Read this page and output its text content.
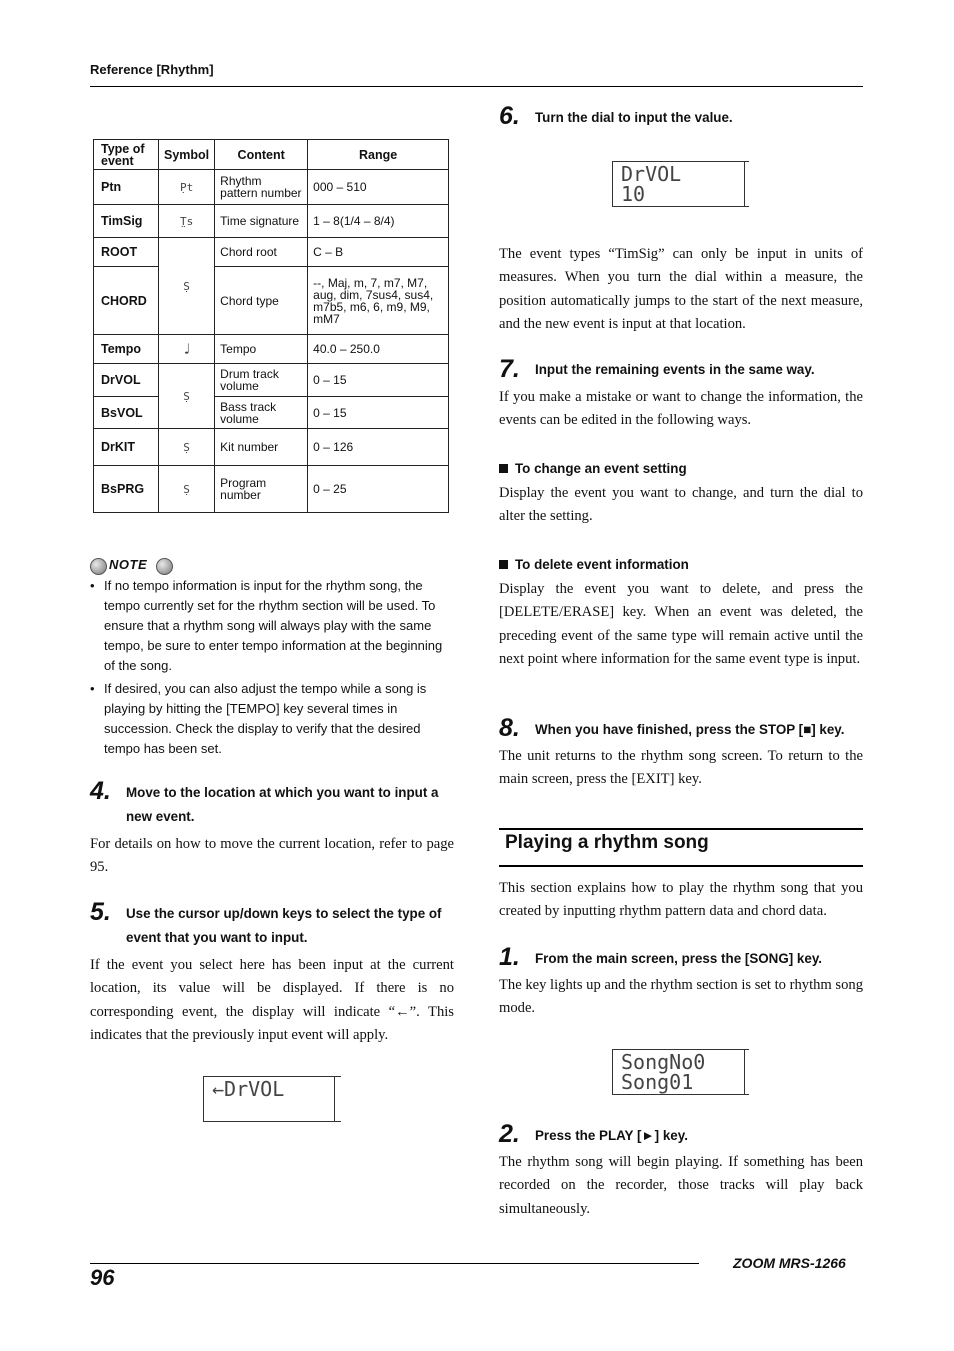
Reference [Rhythm]
Type of event	Symbol	Content	Range
Ptn	P̣t	Rhythm pattern number	000 – 510
TimSig	T̤s	Time signature	1 – 8(1/4 – 8/4)
ROOT	Ṣ	Chord root	C – B
CHORD		Chord type	--, Maj, m, 7, m7, M7, aug, dim, 7sus4, sus4, m7b5, m6, 6, m9, M9, mM7
Tempo	♩	Tempo	40.0 – 250.0
DrVOL	Ṣ	Drum track volume	0 – 15
BsVOL		Bass track volume	0 – 15
DrKIT	Ṣ	Kit number	0 – 126
BsPRG	Ṣ	Program number	0 – 25
NOTE
• If no tempo information is input for the rhythm song, the tempo currently set for the rhythm section will be used. To ensure that a rhythm song will always play with the same tempo, be sure to enter tempo information at the beginning of the song.
• If desired, you can also adjust the tempo while a song is playing by hitting the [TEMPO] key several times in succession. Check the display to verify that the desired tempo has been set.
4. Move to the location at which you want to input a new event.
For details on how to move the current location, refer to page 95.
5. Use the cursor up/down keys to select the type of event that you want to input.
If the event you select here has been input at the current location, its value will be displayed. If there is no corresponding event, the display will indicate “←”. This indicates that the previously input event will apply.
←DrVOL
6. Turn the dial to input the value.
DrVOL
10
The event types “TimSig” can only be input in units of measures. When you turn the dial within a measure, the position automatically jumps to the start of the next measure, and the new event is input at that location.
7. Input the remaining events in the same way.
If you make a mistake or want to change the information, the events can be edited in the following ways.
To change an event setting
Display the event you want to change, and turn the dial to alter the setting.
To delete event information
Display the event you want to delete, and press the [DELETE/ERASE] key. When an event was deleted, the preceding event of the same type will remain active until the next point where information for the same event type is input.
8. When you have finished, press the STOP [■] key.
The unit returns to the rhythm song screen. To return to the main screen, press the [EXIT] key.
Playing a rhythm song
This section explains how to play the rhythm song that you created by inputting rhythm pattern data and chord data.
1. From the main screen, press the [SONG] key.
The key lights up and the rhythm section is set to rhythm song mode.
SongNo0
Song01
2. Press the PLAY [►] key.
The rhythm song will begin playing. If something has been recorded on the recorder, those tracks will play back simultaneously.
96
ZOOM MRS-1266
